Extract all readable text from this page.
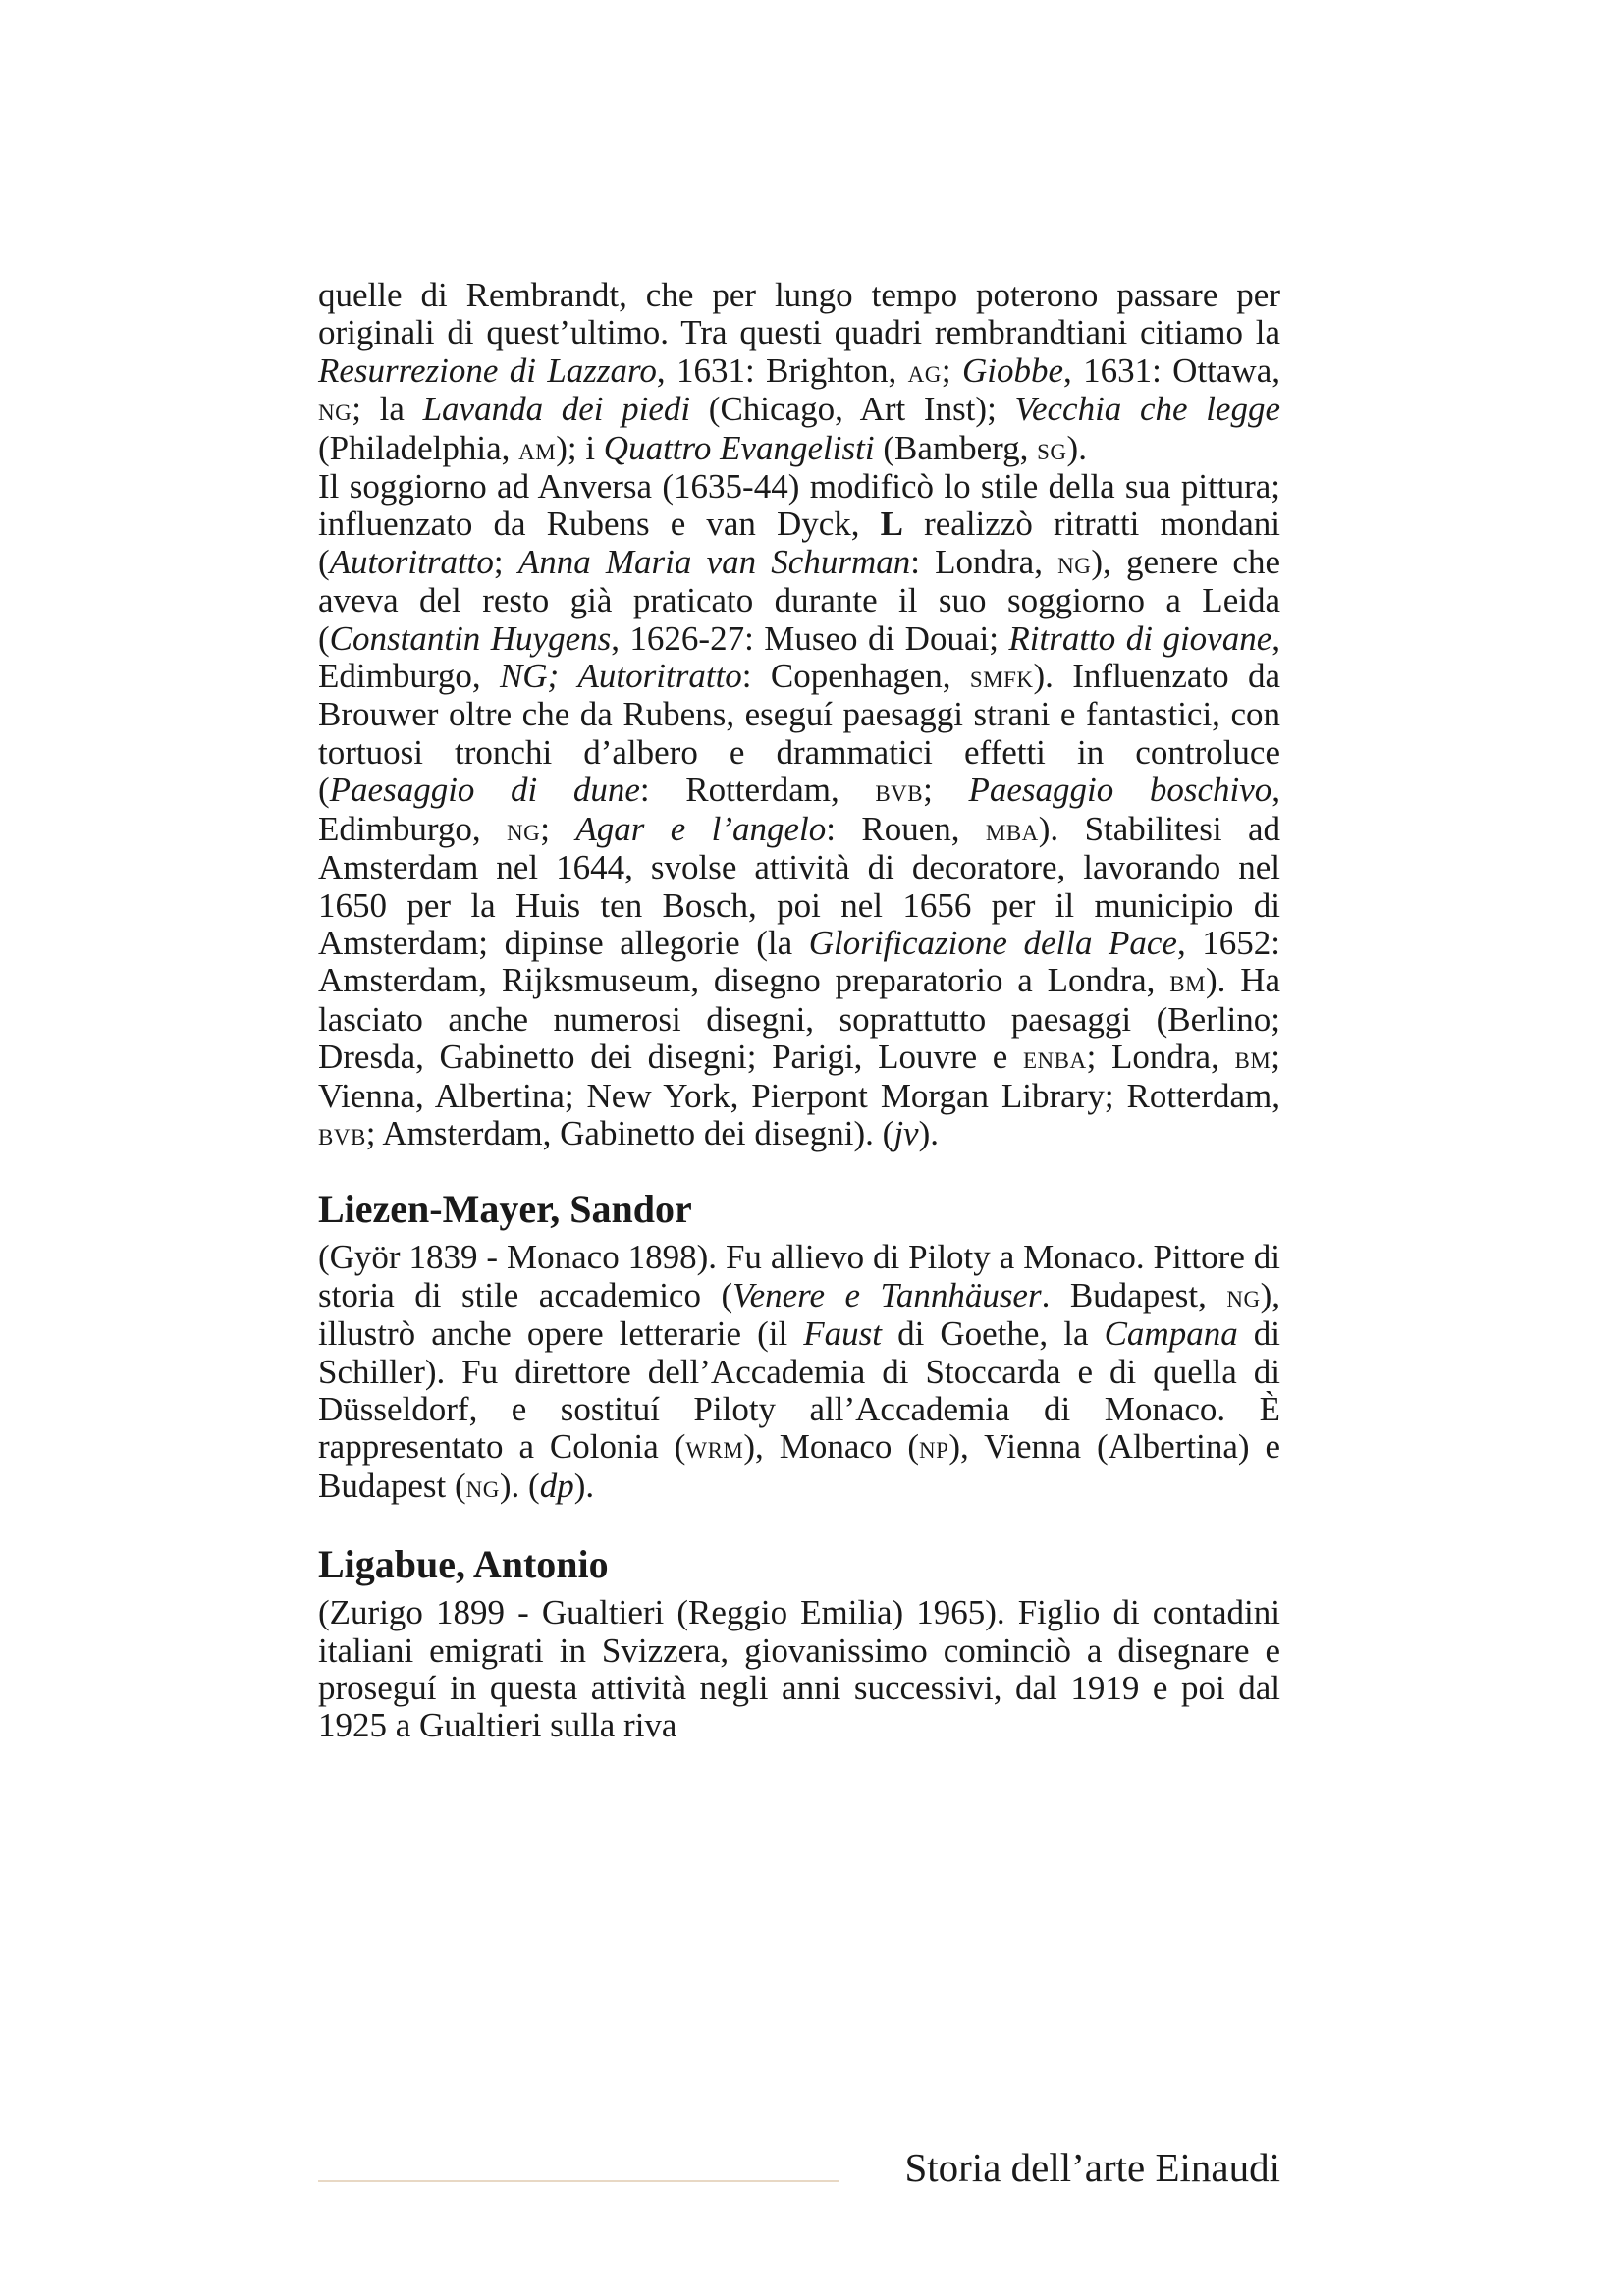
quelle di Rembrandt, che per lungo tempo poterono passare per originali di quest’ultimo. Tra questi quadri rembrandtiani citiamo la Resurrezione di Lazzaro, 1631: Brighton, ag; Giobbe, 1631: Ottawa, ng; la Lavanda dei piedi (Chicago, Art Inst); Vecchia che legge (Philadelphia, am); i Quattro Evangelisti (Bamberg, sg).

Il soggiorno ad Anversa (1635-44) modificò lo stile della sua pittura; influenzato da Rubens e van Dyck, L realizzò ritratti mondani (Autoritratto; Anna Maria van Schurman: Londra, ng), genere che aveva del resto già praticato durante il suo soggiorno a Leida (Constantin Huygens, 1626-27: Museo di Douai; Ritratto di giovane, Edimburgo, NG; Autoritratto: Copenhagen, smfk). Influenzato da Brouwer oltre che da Rubens, eseguí paesaggi strani e fantastici, con tortuosi tronchi d’albero e drammatici effetti in controluce (Paesaggio di dune: Rotterdam, bvb; Paesaggio boschivo, Edimburgo, ng; Agar e l’angelo: Rouen, mba). Stabilitesi ad Amsterdam nel 1644, svolse attività di decoratore, lavorando nel 1650 per la Huis ten Bosch, poi nel 1656 per il municipio di Amsterdam; dipinse allegorie (la Glorificazione della Pace, 1652: Amsterdam, Rijksmuseum, disegno preparatorio a Londra, bm). Ha lasciato anche numerosi disegni, soprattutto paesaggi (Berlino; Dresda, Gabinetto dei disegni; Parigi, Louvre e enba; Londra, bm; Vienna, Albertina; New York, Pierpont Morgan Library; Rotterdam, bvb; Amsterdam, Gabinetto dei disegni). (jv).

Liezen-Mayer, Sandor

(Györ 1839 - Monaco 1898). Fu allievo di Piloty a Monaco. Pittore di storia di stile accademico (Venere e Tannhäuser. Budapest, ng), illustrò anche opere letterarie (il Faust di Goethe, la Campana di Schiller). Fu direttore dell’Accademia di Stoccarda e di quella di Düsseldorf, e sostituí Piloty all’Accademia di Monaco. È rappresentato a Colonia (wrm), Monaco (np), Vienna (Albertina) e Budapest (ng). (dp).

Ligabue, Antonio

(Zurigo 1899 - Gualtieri (Reggio Emilia) 1965). Figlio di contadini italiani emigrati in Svizzera, giovanissimo cominciò a disegnare e proseguí in questa attività negli anni successivi, dal 1919 e poi dal 1925 a Gualtieri sulla riva

Storia dell’arte Einaudi
